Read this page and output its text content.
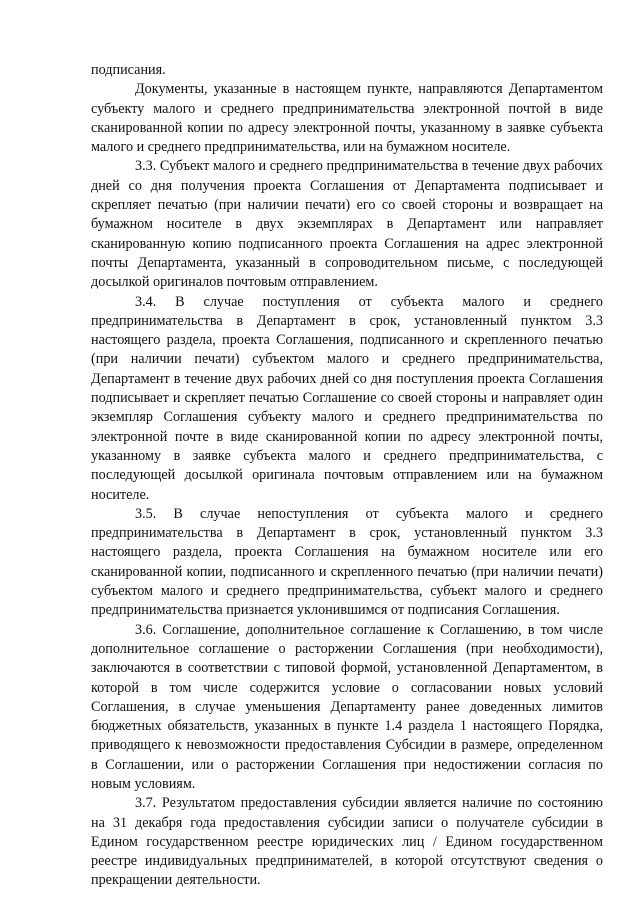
подписания.

Документы, указанные в настоящем пункте, направляются Департаментом субъекту малого и среднего предпринимательства электронной почтой в виде сканированной копии по адресу электронной почты, указанному в заявке субъекта малого и среднего предпринимательства, или на бумажном носителе.

3.3. Субъект малого и среднего предпринимательства в течение двух рабочих дней со дня получения проекта Соглашения от Департамента подписывает и скрепляет печатью (при наличии печати) его со своей стороны и возвращает на бумажном носителе в двух экземплярах в Департамент или направляет сканированную копию подписанного проекта Соглашения на адрес электронной почты Департамента, указанный в сопроводительном письме, с последующей досылкой оригиналов почтовым отправлением.

3.4. В случае поступления от субъекта малого и среднего предпринимательства в Департамент в срок, установленный пунктом 3.3 настоящего раздела, проекта Соглашения, подписанного и скрепленного печатью (при наличии печати) субъектом малого и среднего предпринимательства, Департамент в течение двух рабочих дней со дня поступления проекта Соглашения подписывает и скрепляет печатью Соглашение со своей стороны и направляет один экземпляр Соглашения субъекту малого и среднего предпринимательства по электронной почте в виде сканированной копии по адресу электронной почты, указанному в заявке субъекта малого и среднего предпринимательства, с последующей досылкой оригинала почтовым отправлением или на бумажном носителе.

3.5. В случае непоступления от субъекта малого и среднего предпринимательства в Департамент в срок, установленный пунктом 3.3 настоящего раздела, проекта Соглашения на бумажном носителе или его сканированной копии, подписанного и скрепленного печатью (при наличии печати) субъектом малого и среднего предпринимательства, субъект малого и среднего предпринимательства признается уклонившимся от подписания Соглашения.

3.6. Соглашение, дополнительное соглашение к Соглашению, в том числе дополнительное соглашение о расторжении Соглашения (при необходимости), заключаются в соответствии с типовой формой, установленной Департаментом, в которой в том числе содержится условие о согласовании новых условий Соглашения, в случае уменьшения Департаменту ранее доведенных лимитов бюджетных обязательств, указанных в пункте 1.4 раздела 1 настоящего Порядка, приводящего к невозможности предоставления Субсидии в размере, определенном в Соглашении, или о расторжении Соглашения при недостижении согласия по новым условиям.

3.7. Результатом предоставления субсидии является наличие по состоянию на 31 декабря года предоставления субсидии записи о получателе субсидии в Едином государственном реестре юридических лиц / Едином государственном реестре индивидуальных предпринимателей, в которой отсутствуют сведения о прекращении деятельности.
